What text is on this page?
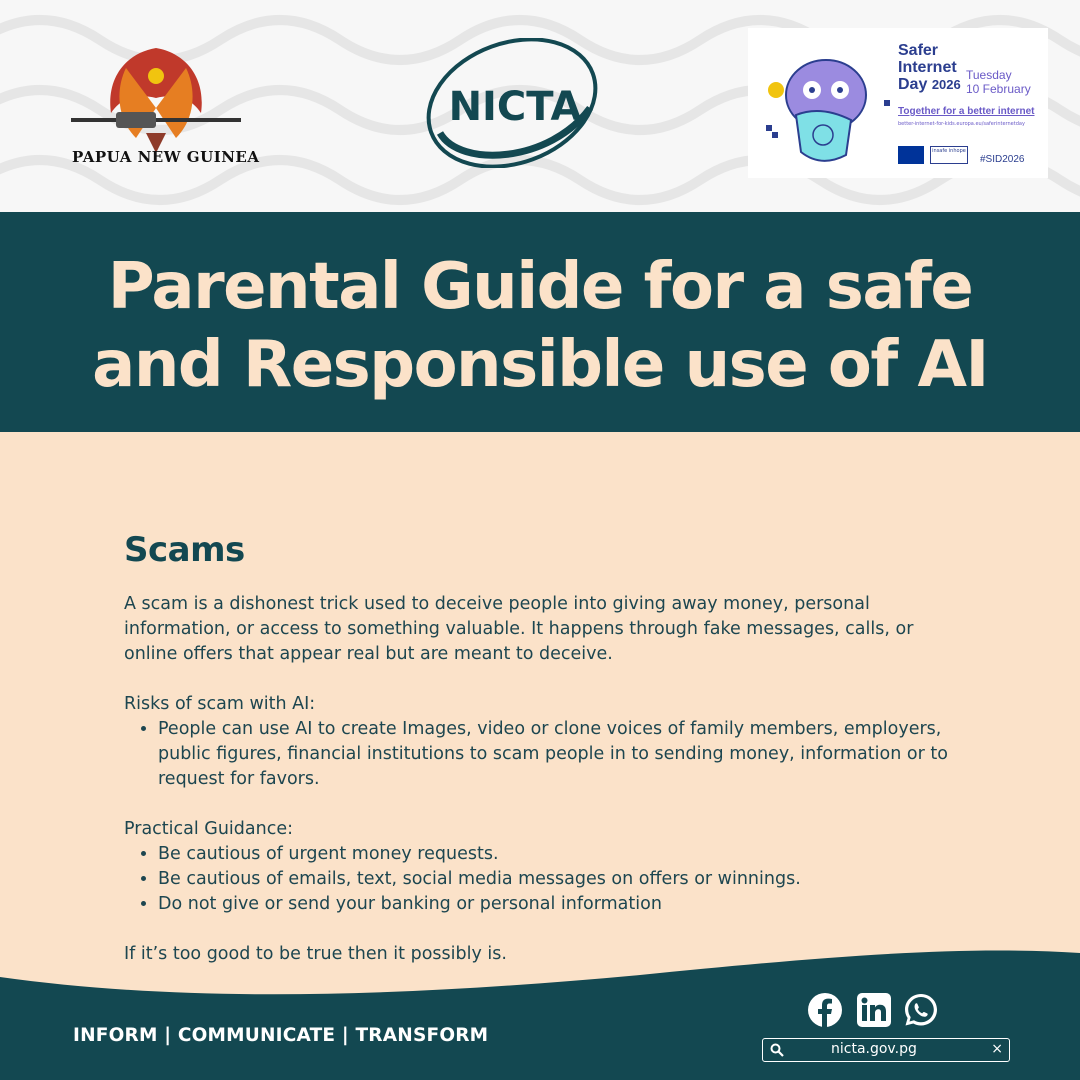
PAPUA NEW GUINEA
NICTA
Safer
Internet
Day 2026
Tuesday
10 February
Together for a better internet
better-internet-for-kids.europa.eu/saferinternetday
insafe inhope
#SID2026
Parental Guide for a safe
and Responsible use of AI
Scams

A scam is a dishonest trick used to deceive people into giving away money, personal information, or access to something valuable. It happens through fake messages, calls, or online offers that appear real but are meant to deceive.

Risks of scam with AI:

• People can use AI to create Images, video or clone voices of family members, employers, public figures, financial institutions to scam people in to sending money, information or to request for favors.

Practical Guidance:

• Be cautious of urgent money requests.
• Be cautious of emails, text, social media messages on offers or winnings.
• Do not give or send your banking or personal information

If it’s too good to be true then it possibly is.

INFORM | COMMUNICATE | TRANSFORM
nicta.gov.pg	×
